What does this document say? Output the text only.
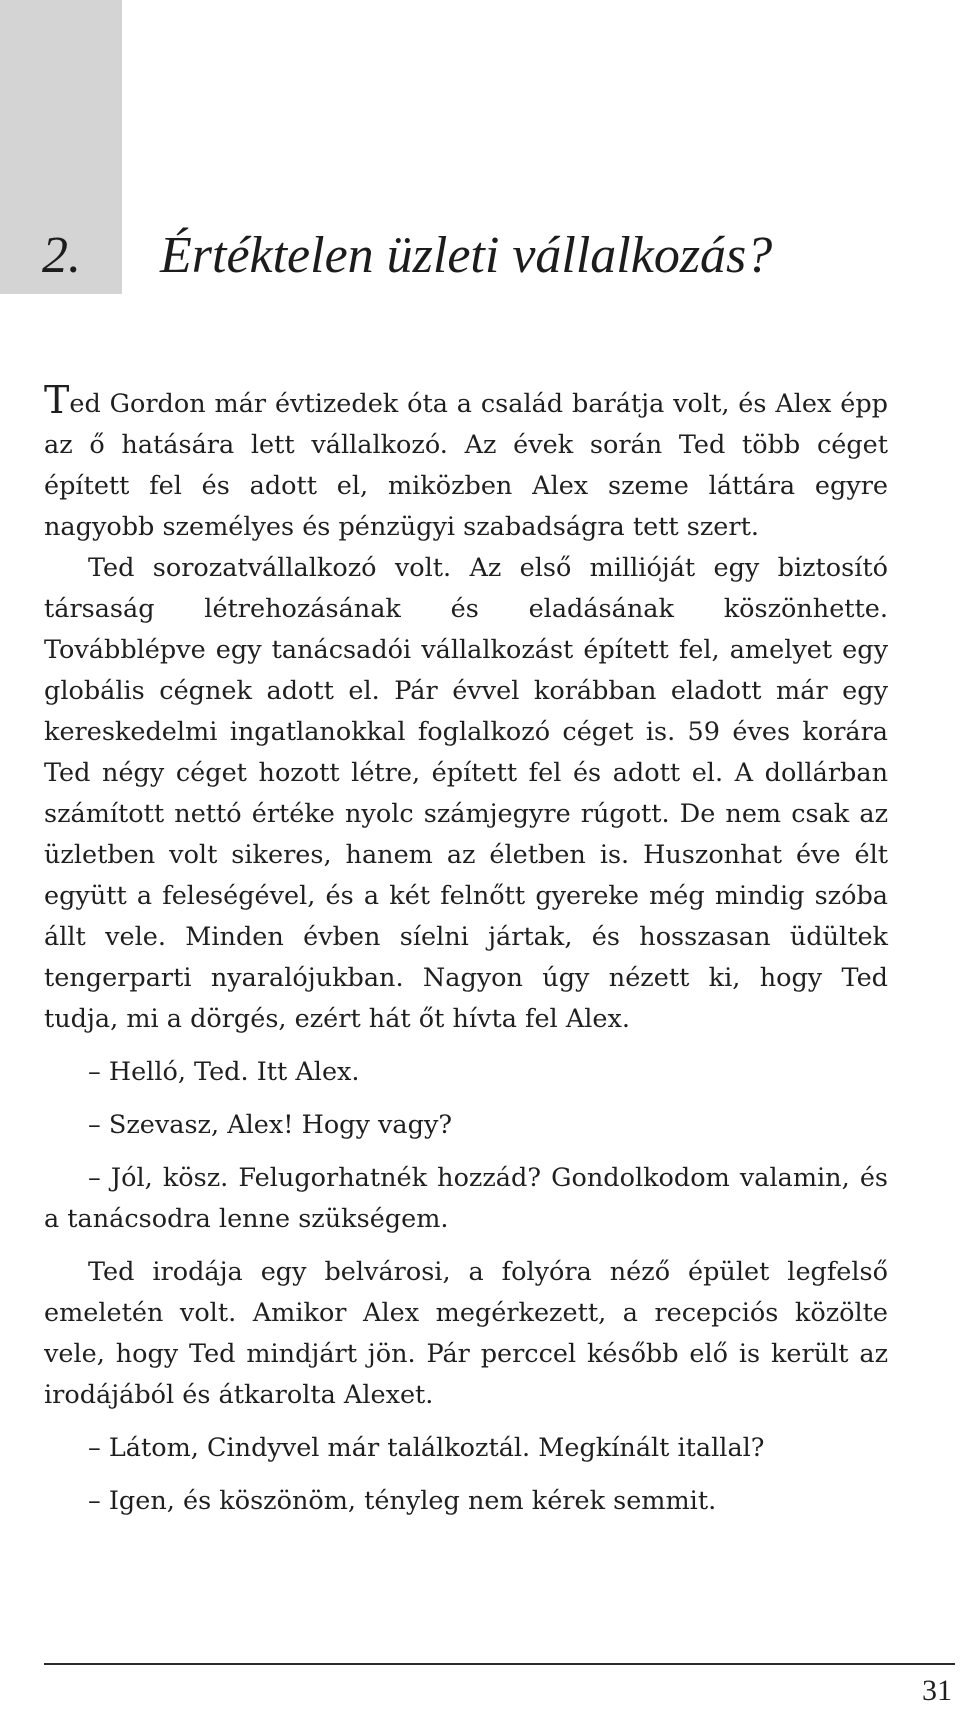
2. Értéktelen üzleti vállalkozás?

Ted Gordon már évtizedek óta a család barátja volt, és Alex épp az ő hatására lett vállalkozó. Az évek során Ted több céget épített fel és adott el, miközben Alex szeme láttára egyre nagyobb személyes és pénzügyi szabadságra tett szert.

Ted sorozatvállalkozó volt. Az első millióját egy biztosító társaság létrehozásának és eladásának köszönhette. Továbblépve egy tanácsadói vállalkozást épített fel, amelyet egy globális cégnek adott el. Pár évvel korábban eladott már egy kereskedelmi ingatlanokkal foglalkozó céget is. 59 éves korára Ted négy céget hozott létre, épített fel és adott el. A dollárban számított nettó értéke nyolc számjegyre rúgott. De nem csak az üzletben volt sikeres, hanem az életben is. Huszonhat éve élt együtt a feleségével, és a két felnőtt gyereke még mindig szóba állt vele. Minden évben síelni jártak, és hosszasan üdültek tengerparti nyaralójukban. Nagyon úgy nézett ki, hogy Ted tudja, mi a dörgés, ezért hát őt hívta fel Alex.

– Helló, Ted. Itt Alex.

– Szevasz, Alex! Hogy vagy?

– Jól, kösz. Felugorhatnék hozzád? Gondolkodom valamin, és a tanácsodra lenne szükségem.

Ted irodája egy belvárosi, a folyóra néző épület legfelső emeletén volt. Amikor Alex megérkezett, a recepciós közölte vele, hogy Ted mindjárt jön. Pár perccel később elő is került az irodájából és átkarolta Alexet.

– Látom, Cindyvel már találkoztál. Megkínált itallal?

– Igen, és köszönöm, tényleg nem kérek semmit.

31
